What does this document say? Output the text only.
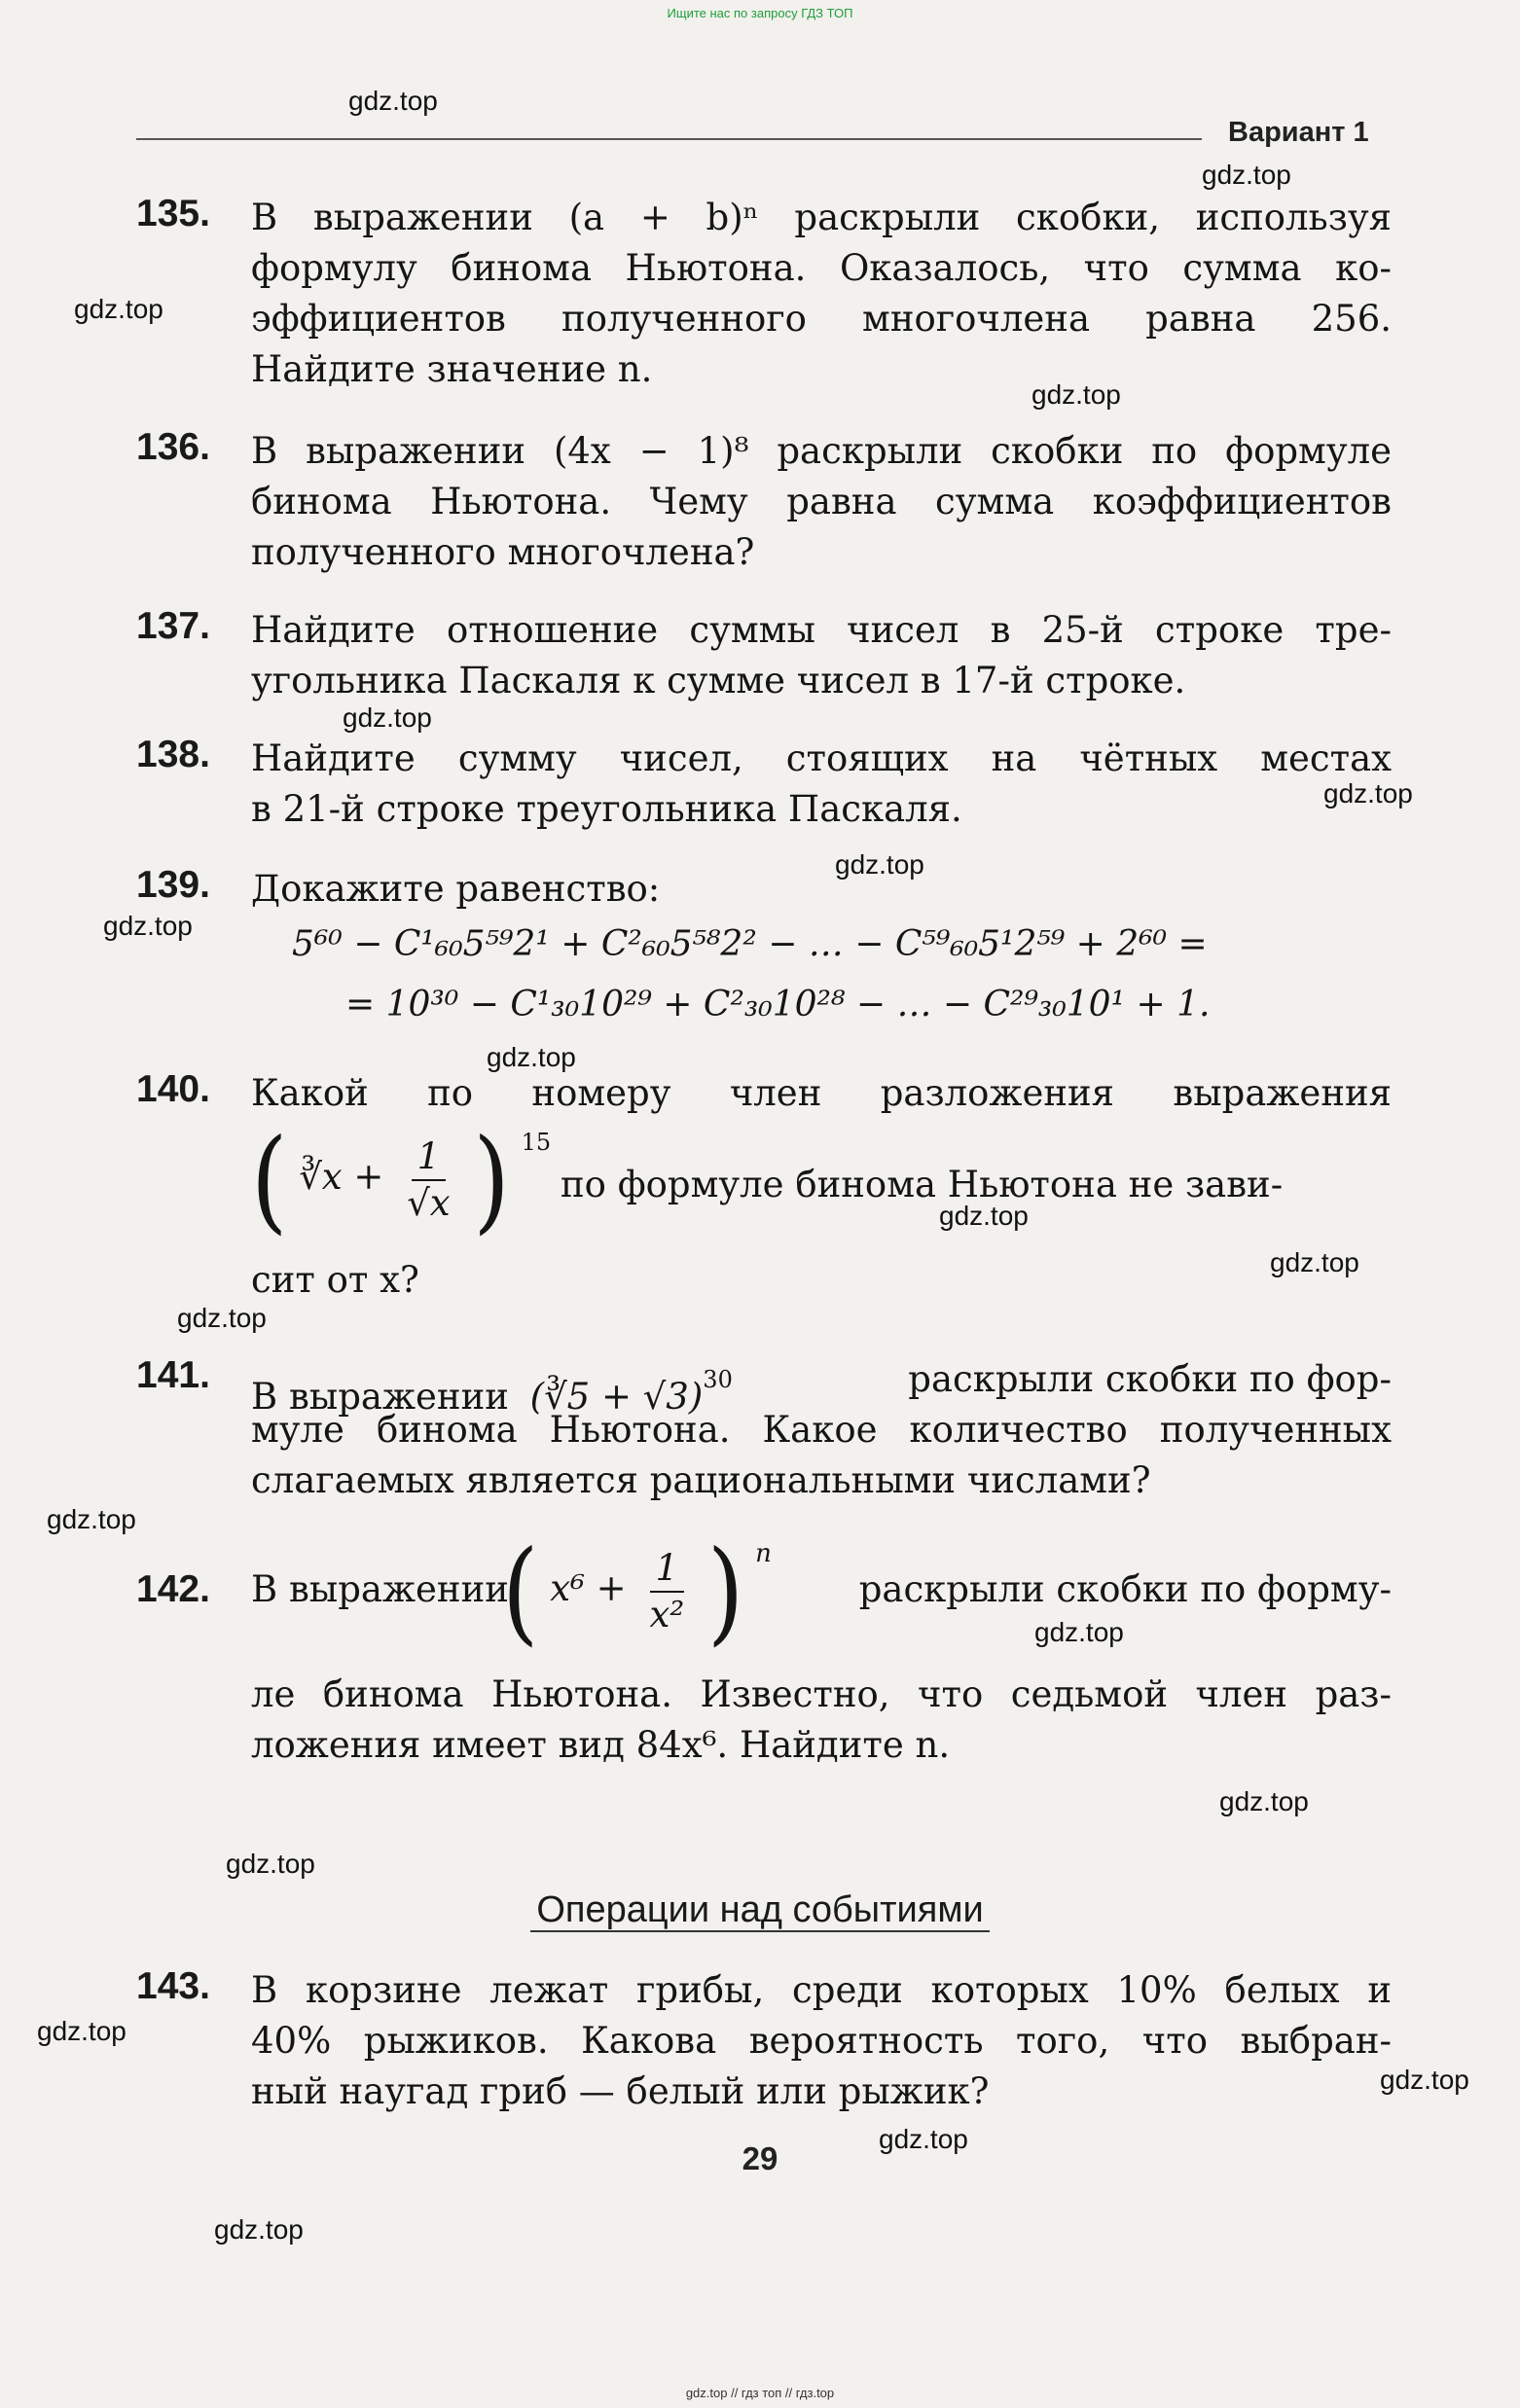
Ищите нас по запросу ГДЗ ТОП
Вариант 1
135. В выражении (a + b)ⁿ раскрыли скобки, используя
формулу бинома Ньютона. Оказалось, что сумма ко-
эффициентов полученного многочлена равна 256.
Найдите значение n.
136. В выражении (4x − 1)⁸ раскрыли скобки по формуле
бинома Ньютона. Чему равна сумма коэффициентов
полученного многочлена?
137. Найдите отношение суммы чисел в 25-й строке тре-
угольника Паскаля к сумме чисел в 17-й строке.
138. Найдите сумму чисел, стоящих на чётных местах
в 21-й строке треугольника Паскаля.
139. Докажите равенство:
5⁶⁰ − C¹₆₀5⁵⁹2¹ + C²₆₀5⁵⁸2² − … − C⁵⁹₆₀5¹2⁵⁹ + 2⁶⁰ =
= 10³⁰ − C¹₃₀10²⁹ + C²₃₀10²⁸ − … − C²⁹₃₀10¹ + 1.
140. Какой по номеру член разложения выражения
( ∛x + $\frac{1}{√x}$ ) $^{15}$
по формуле бинома Ньютона не зави-
сит от x?
141.
В выражении (∛5 + √3)$^{30}$	раскрыли скобки по фор-
муле бинома Ньютона. Какое количество полученных
слагаемых является рациональными числами?
142. В выражении
( $x^6 + \frac{1}{\text{x²}}$ ) $^n$
раскрыли скобки по форму-
ле бинома Ньютона. Известно, что седьмой член раз-
ложения имеет вид 84x⁶. Найдите n.
Операции над событиями
143. В корзине лежат грибы, среди которых 10% белых и
40% рыжиков. Какова вероятность того, что выбран-
ный наугад гриб — белый или рыжик?
29
gdz.top
gdz.top
gdz.top
gdz.top
gdz.top
gdz.top
gdz.top
gdz.top
gdz.top
gdz.top
gdz.top
gdz.top
gdz.top
gdz.top
gdz.top
gdz.top
gdz.top
gdz.top
gdz.top
gdz.top
gdz.top // гдз топ // гдз.top
